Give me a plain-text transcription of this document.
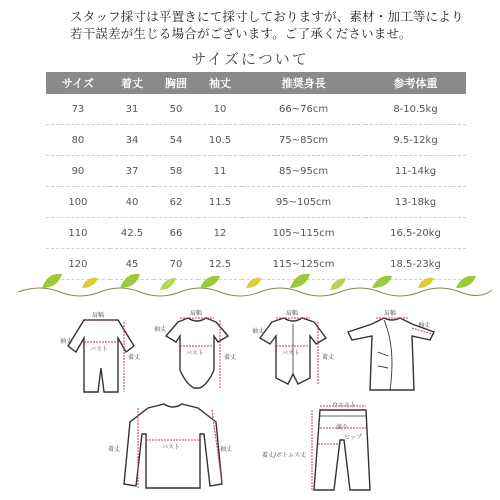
スタッフ採寸は平置きにて採寸しておりますが、素材・加工等により
若干誤差が生じる場合がございます。ご了承くださいませ。
サイズについて
サイズ	着丈	胸囲	袖丈	推奨身長	参考体重
73	31	50	10	66~76cm	8-10.5kg
80	34	54	10.5	75~85cm	9.5-12kg
90	37	58	11	85~95cm	11-14kg
100	40	62	11.5	95~105cm	13-18kg
110	42.5	66	12	105~115cm	16.5-20kg
120	45	70	12.5	115~125cm	18.5-23kg
肩幅
袖丈
バスト
着丈
肩幅
袖丈
バスト
着丈
肩幅
袖丈
バスト
着丈
肩幅
袖丈
バスト
着丈	袖丈
ウエスト
渡り
ヒップ
着丈/ボトムス丈
